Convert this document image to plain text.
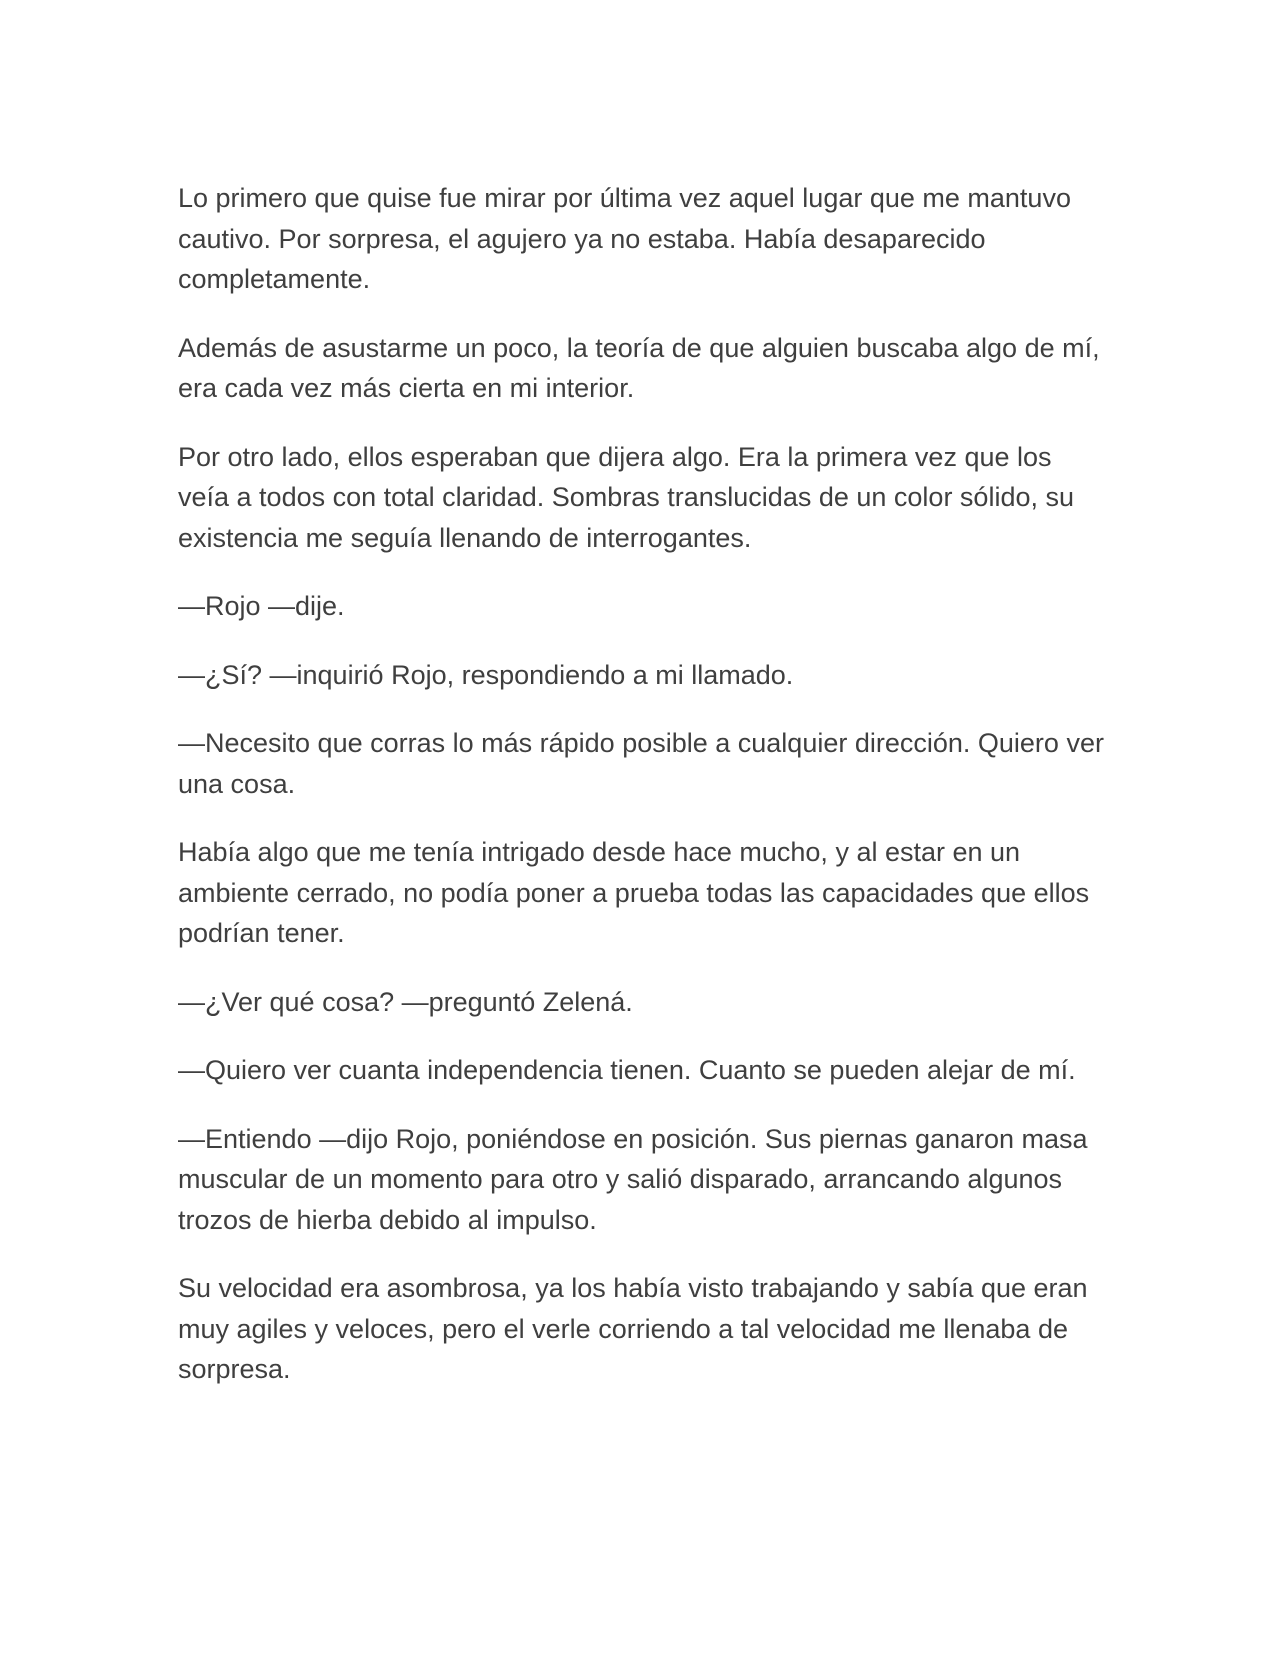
Lo primero que quise fue mirar por última vez aquel lugar que me mantuvo cautivo. Por sorpresa, el agujero ya no estaba. Había desaparecido completamente.

Además de asustarme un poco, la teoría de que alguien buscaba algo de mí, era cada vez más cierta en mi interior.

Por otro lado, ellos esperaban que dijera algo. Era la primera vez que los veía a todos con total claridad. Sombras translucidas de un color sólido, su existencia me seguía llenando de interrogantes.

—Rojo —dije.

—¿Sí? —inquirió Rojo, respondiendo a mi llamado.

—Necesito que corras lo más rápido posible a cualquier dirección. Quiero ver una cosa.

Había algo que me tenía intrigado desde hace mucho, y al estar en un ambiente cerrado, no podía poner a prueba todas las capacidades que ellos podrían tener.

—¿Ver qué cosa? —preguntó Zelená.

—Quiero ver cuanta independencia tienen. Cuanto se pueden alejar de mí.

—Entiendo —dijo Rojo, poniéndose en posición. Sus piernas ganaron masa muscular de un momento para otro y salió disparado, arrancando algunos trozos de hierba debido al impulso.

Su velocidad era asombrosa, ya los había visto trabajando y sabía que eran muy agiles y veloces, pero el verle corriendo a tal velocidad me llenaba de sorpresa.
